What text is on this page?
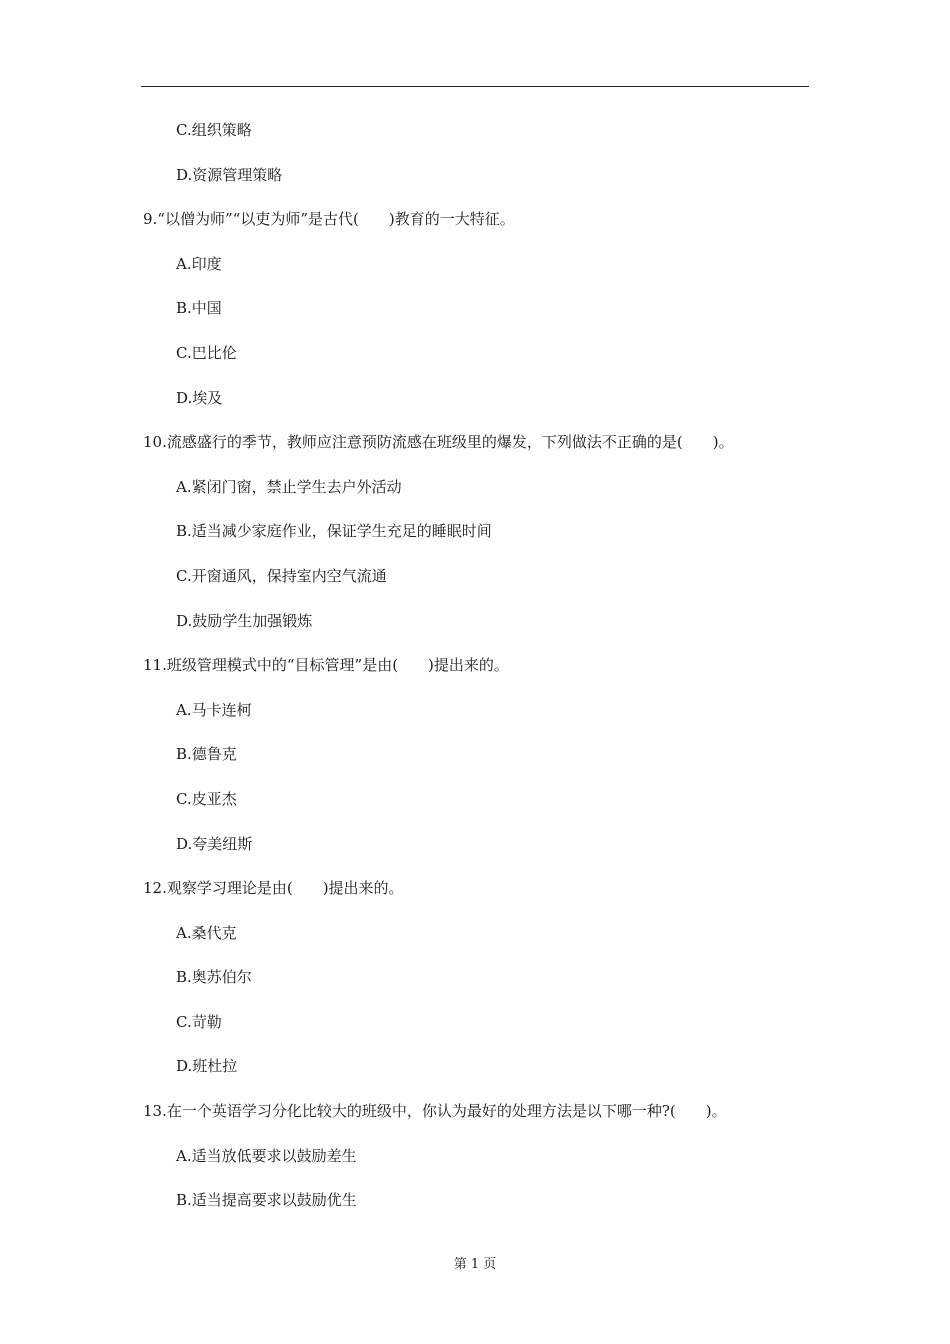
C.组织策略
D.资源管理策略
9.“以僧为师”“以吏为师”是古代(　　)教育的一大特征。
A.印度
B.中国
C.巴比伦
D.埃及
10.流感盛行的季节，教师应注意预防流感在班级里的爆发，下列做法不正确的是(　　)。
A.紧闭门窗，禁止学生去户外活动
B.适当减少家庭作业，保证学生充足的睡眠时间
C.开窗通风，保持室内空气流通
D.鼓励学生加强锻炼
11.班级管理模式中的“目标管理”是由(　　)提出来的。
A.马卡连柯
B.德鲁克
C.皮亚杰
D.夸美纽斯
12.观察学习理论是由(　　)提出来的。
A.桑代克
B.奥苏伯尔
C.苛勒
D.班杜拉
13.在一个英语学习分化比较大的班级中，你认为最好的处理方法是以下哪一种?(　　)。
A.适当放低要求以鼓励差生
B.适当提高要求以鼓励优生
第 1 页
